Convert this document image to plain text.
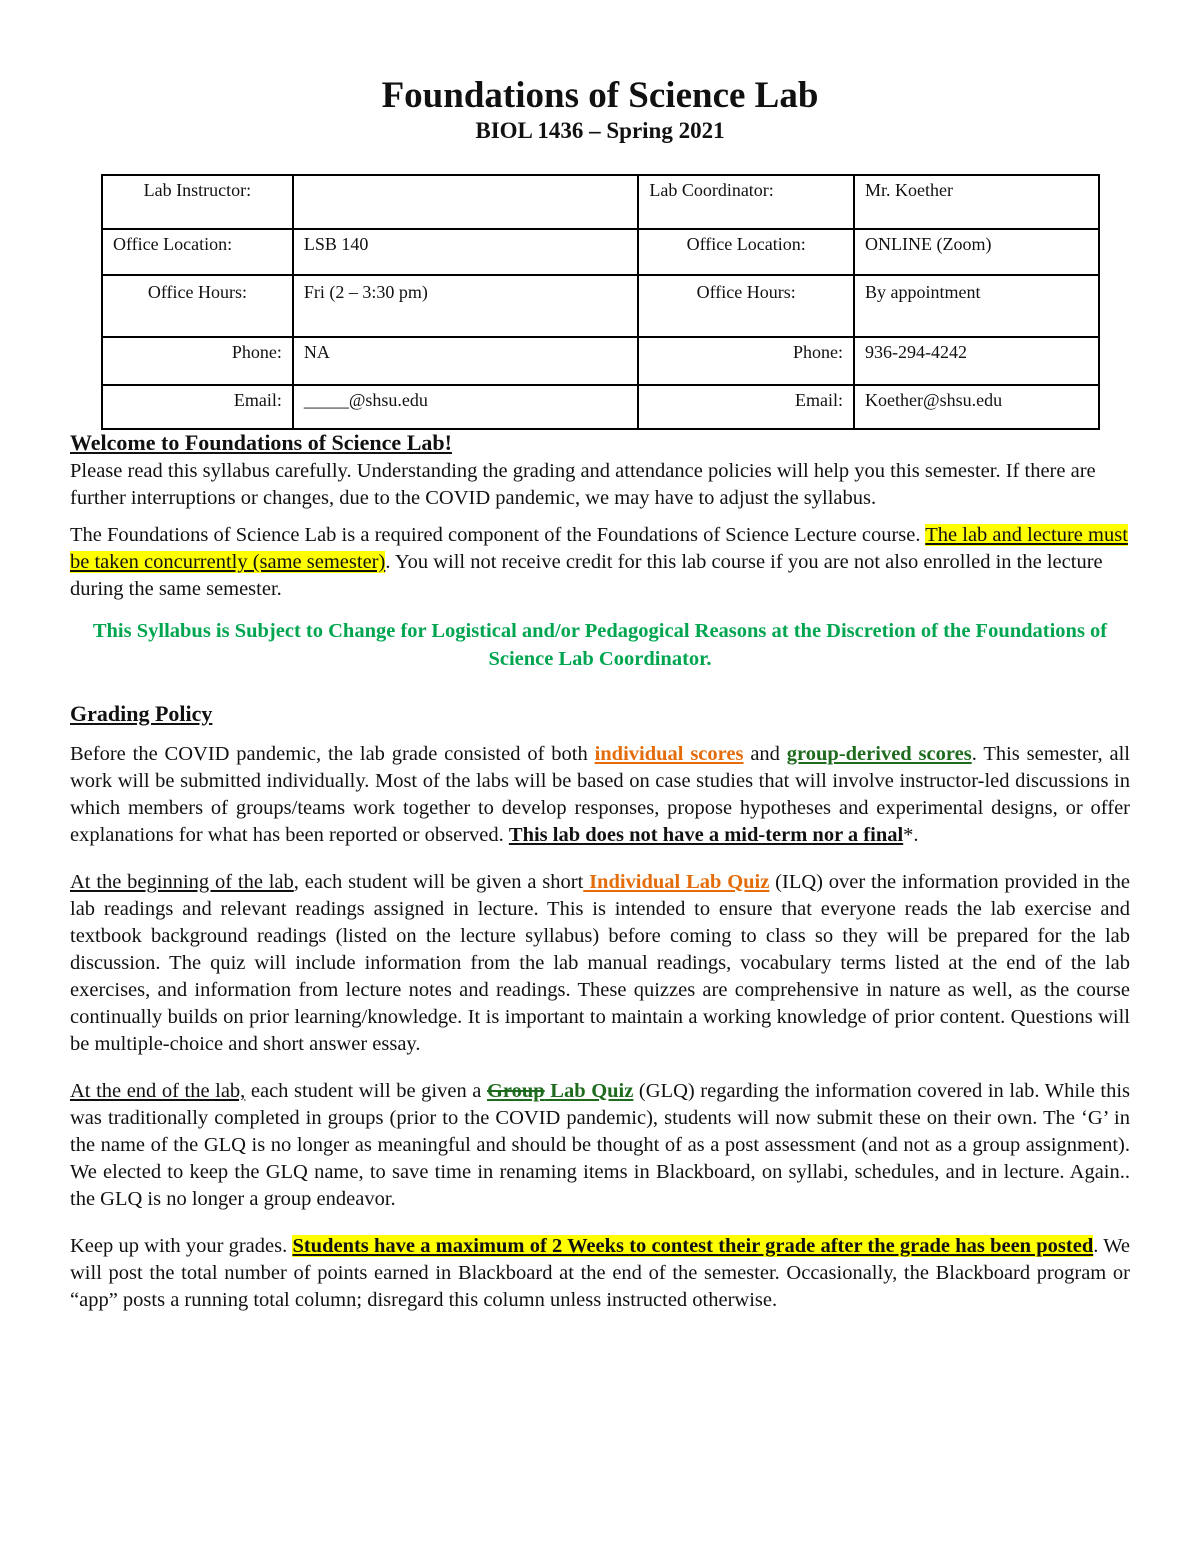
Foundations of Science Lab
BIOL 1436 – Spring 2021
Lab Instructor:		Lab Coordinator:	Mr. Koether
Office Location:	LSB 140	Office Location:	ONLINE (Zoom)
Office Hours:	Fri (2 – 3:30 pm)	Office Hours:	By appointment
Phone:	NA	Phone:	936-294-4242
Email:	_____@shsu.edu	Email:	Koether@shsu.edu
Welcome to Foundations of Science Lab!

Please read this syllabus carefully. Understanding the grading and attendance policies will help you this semester. If there are further interruptions or changes, due to the COVID pandemic, we may have to adjust the syllabus.

The Foundations of Science Lab is a required component of the Foundations of Science Lecture course. The lab and lecture must be taken concurrently (same semester). You will not receive credit for this lab course if you are not also enrolled in the lecture during the same semester.

This Syllabus is Subject to Change for Logistical and/or Pedagogical Reasons at the Discretion of the Foundations of Science Lab Coordinator.

Grading Policy

Before the COVID pandemic, the lab grade consisted of both individual scores and group-derived scores. This semester, all work will be submitted individually. Most of the labs will be based on case studies that will involve instructor-led discussions in which members of groups/teams work together to develop responses, propose hypotheses and experimental designs, or offer explanations for what has been reported or observed. This lab does not have a mid-term nor a final*.

At the beginning of the lab, each student will be given a short Individual Lab Quiz (ILQ) over the information provided in the lab readings and relevant readings assigned in lecture. This is intended to ensure that everyone reads the lab exercise and textbook background readings (listed on the lecture syllabus) before coming to class so they will be prepared for the lab discussion. The quiz will include information from the lab manual readings, vocabulary terms listed at the end of the lab exercises, and information from lecture notes and readings. These quizzes are comprehensive in nature as well, as the course continually builds on prior learning/knowledge. It is important to maintain a working knowledge of prior content. Questions will be multiple-choice and short answer essay.

At the end of the lab, each student will be given a Group Lab Quiz (GLQ) regarding the information covered in lab. While this was traditionally completed in groups (prior to the COVID pandemic), students will now submit these on their own. The ‘G’ in the name of the GLQ is no longer as meaningful and should be thought of as a post assessment (and not as a group assignment). We elected to keep the GLQ name, to save time in renaming items in Blackboard, on syllabi, schedules, and in lecture. Again.. the GLQ is no longer a group endeavor.

Keep up with your grades. Students have a maximum of 2 Weeks to contest their grade after the grade has been posted. We will post the total number of points earned in Blackboard at the end of the semester. Occasionally, the Blackboard program or “app” posts a running total column; disregard this column unless instructed otherwise.
